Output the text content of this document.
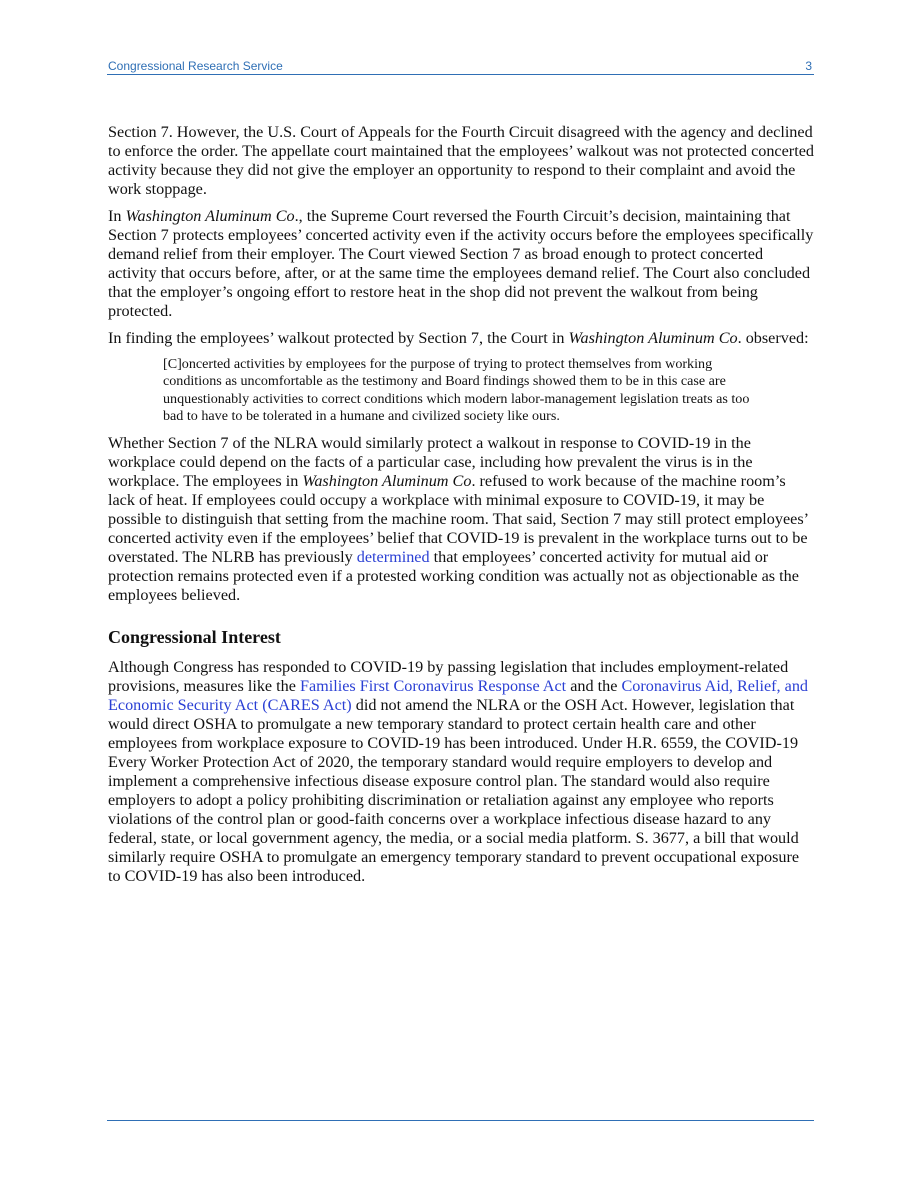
Congressional Research Service	3

Section 7. However, the U.S. Court of Appeals for the Fourth Circuit disagreed with the agency and declined to enforce the order. The appellate court maintained that the employees’ walkout was not protected concerted activity because they did not give the employer an opportunity to respond to their complaint and avoid the work stoppage.

In Washington Aluminum Co., the Supreme Court reversed the Fourth Circuit’s decision, maintaining that Section 7 protects employees’ concerted activity even if the activity occurs before the employees specifically demand relief from their employer. The Court viewed Section 7 as broad enough to protect concerted activity that occurs before, after, or at the same time the employees demand relief. The Court also concluded that the employer’s ongoing effort to restore heat in the shop did not prevent the walkout from being protected.

In finding the employees’ walkout protected by Section 7, the Court in Washington Aluminum Co. observed:

[C]oncerted activities by employees for the purpose of trying to protect themselves from working conditions as uncomfortable as the testimony and Board findings showed them to be in this case are unquestionably activities to correct conditions which modern labor-management legislation treats as too bad to have to be tolerated in a humane and civilized society like ours.

Whether Section 7 of the NLRA would similarly protect a walkout in response to COVID-19 in the workplace could depend on the facts of a particular case, including how prevalent the virus is in the workplace. The employees in Washington Aluminum Co. refused to work because of the machine room’s lack of heat. If employees could occupy a workplace with minimal exposure to COVID-19, it may be possible to distinguish that setting from the machine room. That said, Section 7 may still protect employees’ concerted activity even if the employees’ belief that COVID-19 is prevalent in the workplace turns out to be overstated. The NLRB has previously determined that employees’ concerted activity for mutual aid or protection remains protected even if a protested working condition was actually not as objectionable as the employees believed.

Congressional Interest

Although Congress has responded to COVID-19 by passing legislation that includes employment-related provisions, measures like the Families First Coronavirus Response Act and the Coronavirus Aid, Relief, and Economic Security Act (CARES Act) did not amend the NLRA or the OSH Act. However, legislation that would direct OSHA to promulgate a new temporary standard to protect certain health care and other employees from workplace exposure to COVID-19 has been introduced. Under H.R. 6559, the COVID-19 Every Worker Protection Act of 2020, the temporary standard would require employers to develop and implement a comprehensive infectious disease exposure control plan. The standard would also require employers to adopt a policy prohibiting discrimination or retaliation against any employee who reports violations of the control plan or good-faith concerns over a workplace infectious disease hazard to any federal, state, or local government agency, the media, or a social media platform. S. 3677, a bill that would similarly require OSHA to promulgate an emergency temporary standard to prevent occupational exposure to COVID-19 has also been introduced.
